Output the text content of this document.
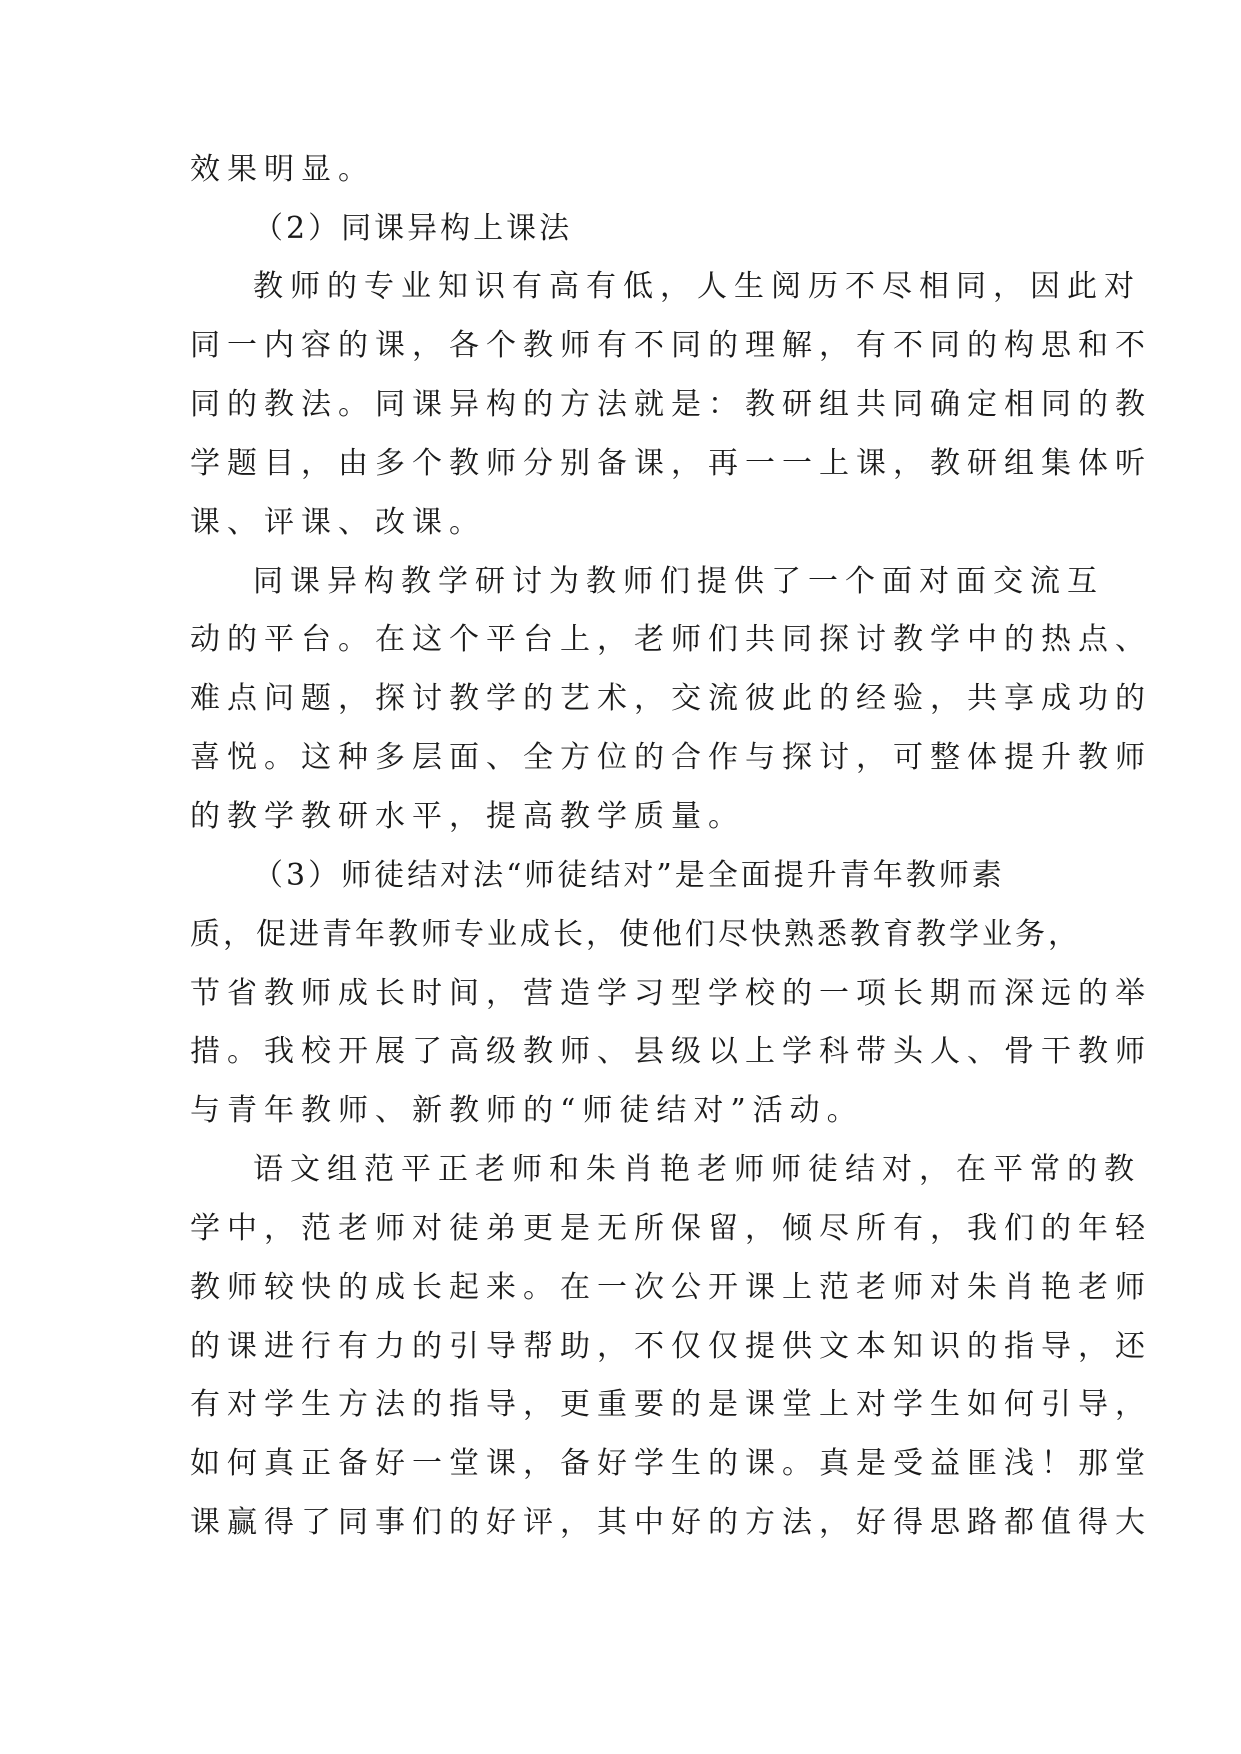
效果明显。

（2）同课异构上课法

教师的专业知识有高有低，人生阅历不尽相同，因此对

同一内容的课，各个教师有不同的理解，有不同的构思和不

同的教法。同课异构的方法就是：教研组共同确定相同的教

学题目，由多个教师分别备课，再一一上课，教研组集体听

课、评课、改课。

同课异构教学研讨为教师们提供了一个面对面交流互

动的平台。在这个平台上，老师们共同探讨教学中的热点、

难点问题，探讨教学的艺术，交流彼此的经验，共享成功的

喜悦。这种多层面、全方位的合作与探讨，可整体提升教师

的教学教研水平，提高教学质量。

（3）师徒结对法“师徒结对”是全面提升青年教师素

质，促进青年教师专业成长，使他们尽快熟悉教育教学业务，

节省教师成长时间，营造学习型学校的一项长期而深远的举

措。我校开展了高级教师、县级以上学科带头人、骨干教师

与青年教师、新教师的“师徒结对”活动。

语文组范平正老师和朱肖艳老师师徒结对，在平常的教

学中，范老师对徒弟更是无所保留，倾尽所有，我们的年轻

教师较快的成长起来。在一次公开课上范老师对朱肖艳老师

的课进行有力的引导帮助，不仅仅提供文本知识的指导，还

有对学生方法的指导，更重要的是课堂上对学生如何引导，

如何真正备好一堂课，备好学生的课。真是受益匪浅！那堂

课赢得了同事们的好评，其中好的方法，好得思路都值得大
